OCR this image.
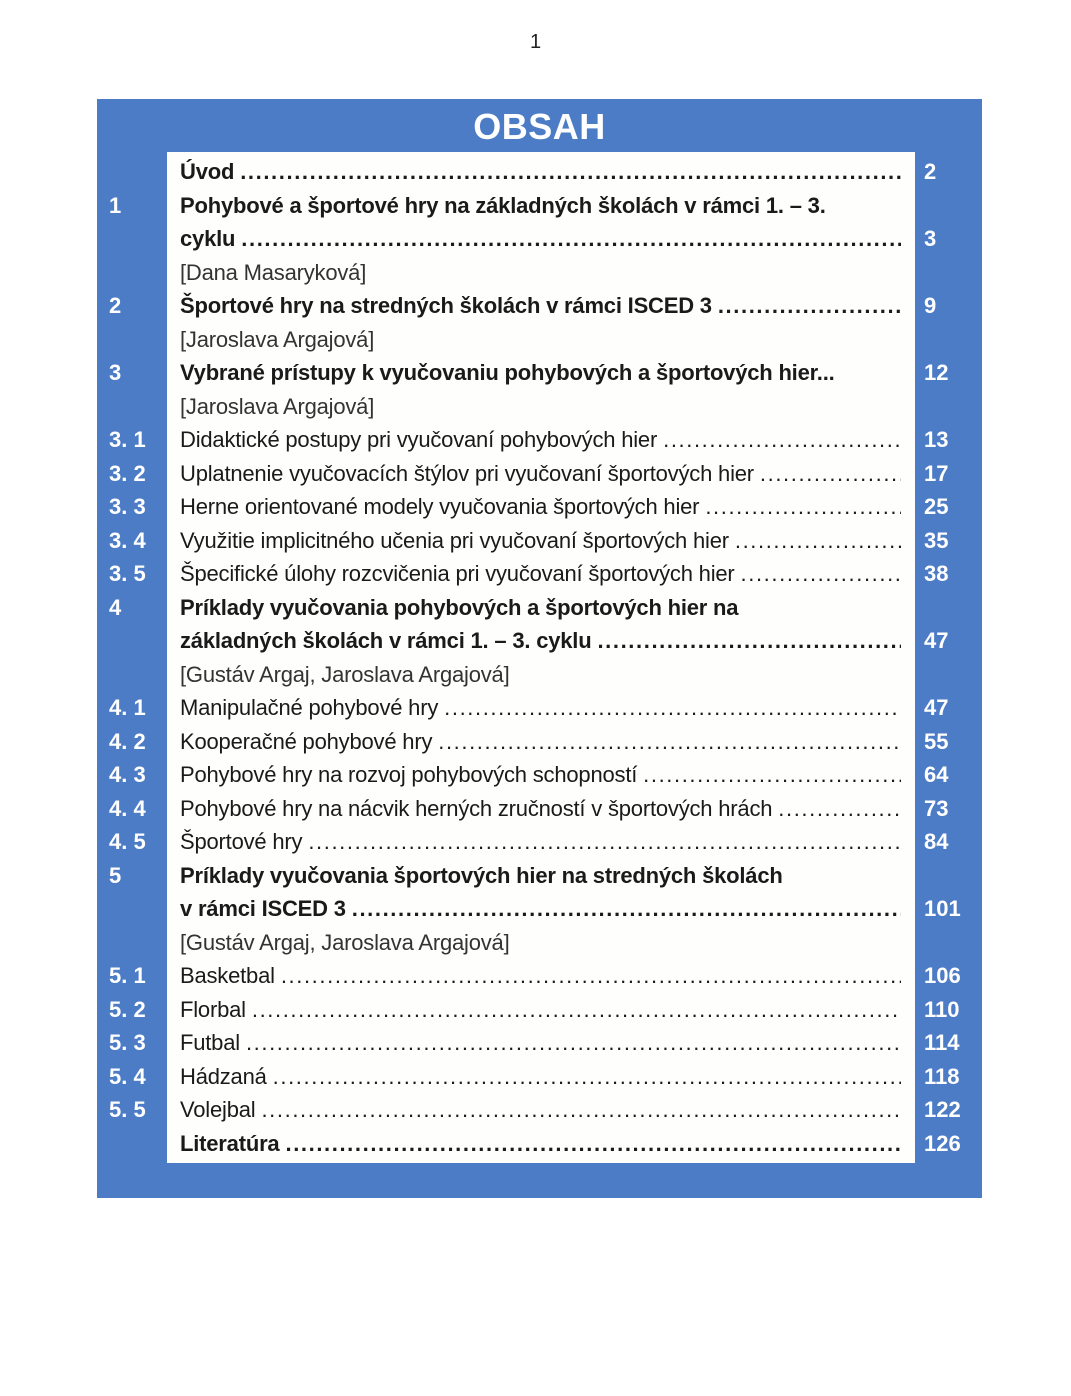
1
OBSAH
Úvod .....	2
1	Pohybové a športové hry na základných školách v rámci 1. – 3.
cyklu .....	3
[Dana Masaryková]
2	Športové hry na stredných školách v rámci ISCED 3 .....	9
[Jaroslava Argajová]
3	Vybrané prístupy k vyučovaniu pohybových a športových hier...	12
[Jaroslava Argajová]
3. 1	Didaktické postupy pri vyučovaní pohybových hier .....	13
3. 2	Uplatnenie vyučovacích štýlov pri vyučovaní športových hier .....	17
3. 3	Herne orientované modely vyučovania športových hier .....	25
3. 4	Využitie implicitného učenia pri vyučovaní športových hier .....	35
3. 5	Špecifické úlohy rozcvičenia pri vyučovaní športových hier .....	38
4	Príklady vyučovania pohybových a športových hier na
základných školách v rámci 1. – 3. cyklu .....	47
[Gustáv Argaj, Jaroslava Argajová]
4. 1	Manipulačné pohybové hry .....	47
4. 2	Kooperačné pohybové hry .....	55
4. 3	Pohybové hry na rozvoj pohybových schopností .....	64
4. 4	Pohybové hry na nácvik herných zručností v športových hrách .....	73
4. 5	Športové hry .....	84
5	Príklady vyučovania športových hier na stredných školách
v rámci ISCED 3 .....	101
[Gustáv Argaj, Jaroslava Argajová]
5. 1	Basketbal .....	106
5. 2	Florbal .....	110
5. 3	Futbal .....	114
5. 4	Hádzaná .....	118
5. 5	Volejbal .....	122
Literatúra .....	126
